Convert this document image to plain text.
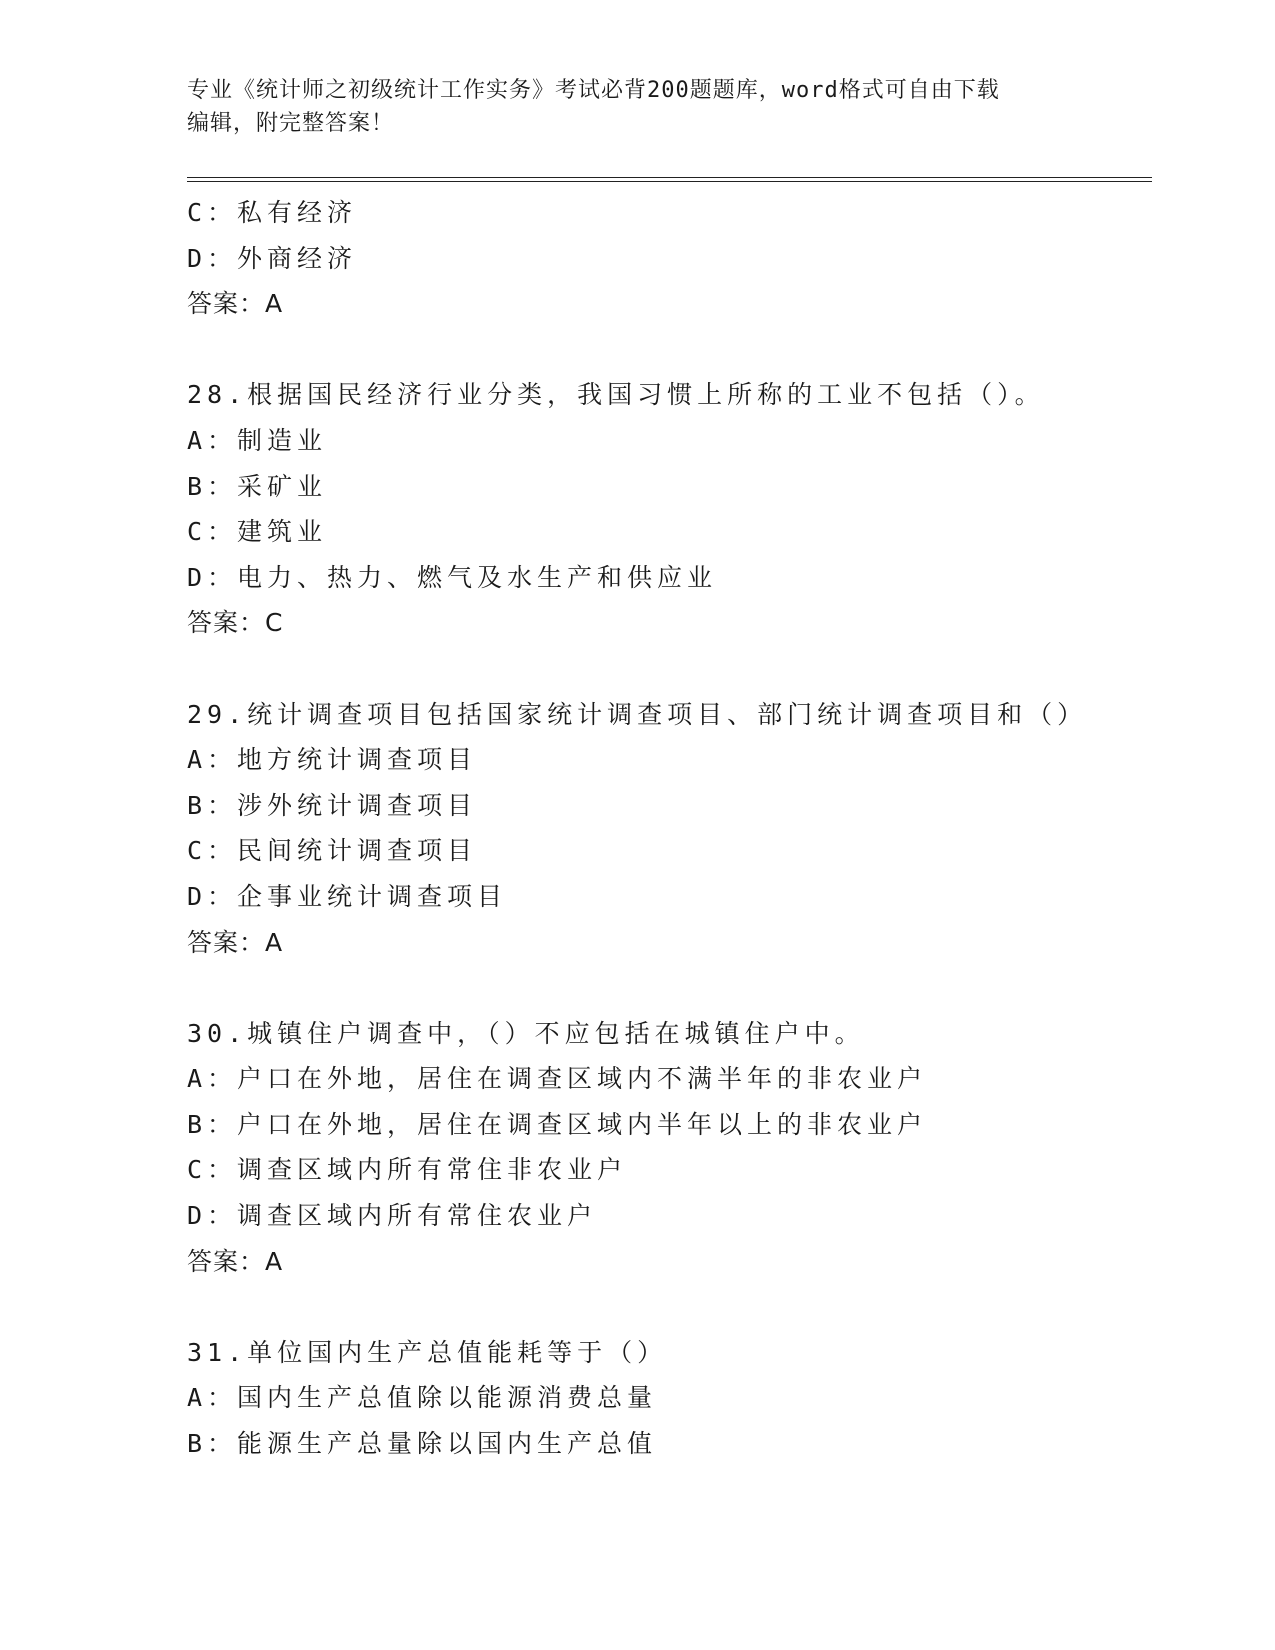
专业《统计师之初级统计工作实务》考试必背200题题库，word格式可自由下载
编辑，附完整答案！
C：私有经济
D：外商经济
答案：A
28.根据国民经济行业分类，我国习惯上所称的工业不包括（）。
A：制造业
B：采矿业
C：建筑业
D：电力、热力、燃气及水生产和供应业
答案：C
29.统计调查项目包括国家统计调查项目、部门统计调查项目和（）
A：地方统计调查项目
B：涉外统计调查项目
C：民间统计调查项目
D：企事业统计调查项目
答案：A
30.城镇住户调查中，（）不应包括在城镇住户中。
A：户口在外地，居住在调查区域内不满半年的非农业户
B：户口在外地，居住在调查区域内半年以上的非农业户
C：调查区域内所有常住非农业户
D：调查区域内所有常住农业户
答案：A
31.单位国内生产总值能耗等于（）
A：国内生产总值除以能源消费总量
B：能源生产总量除以国内生产总值
